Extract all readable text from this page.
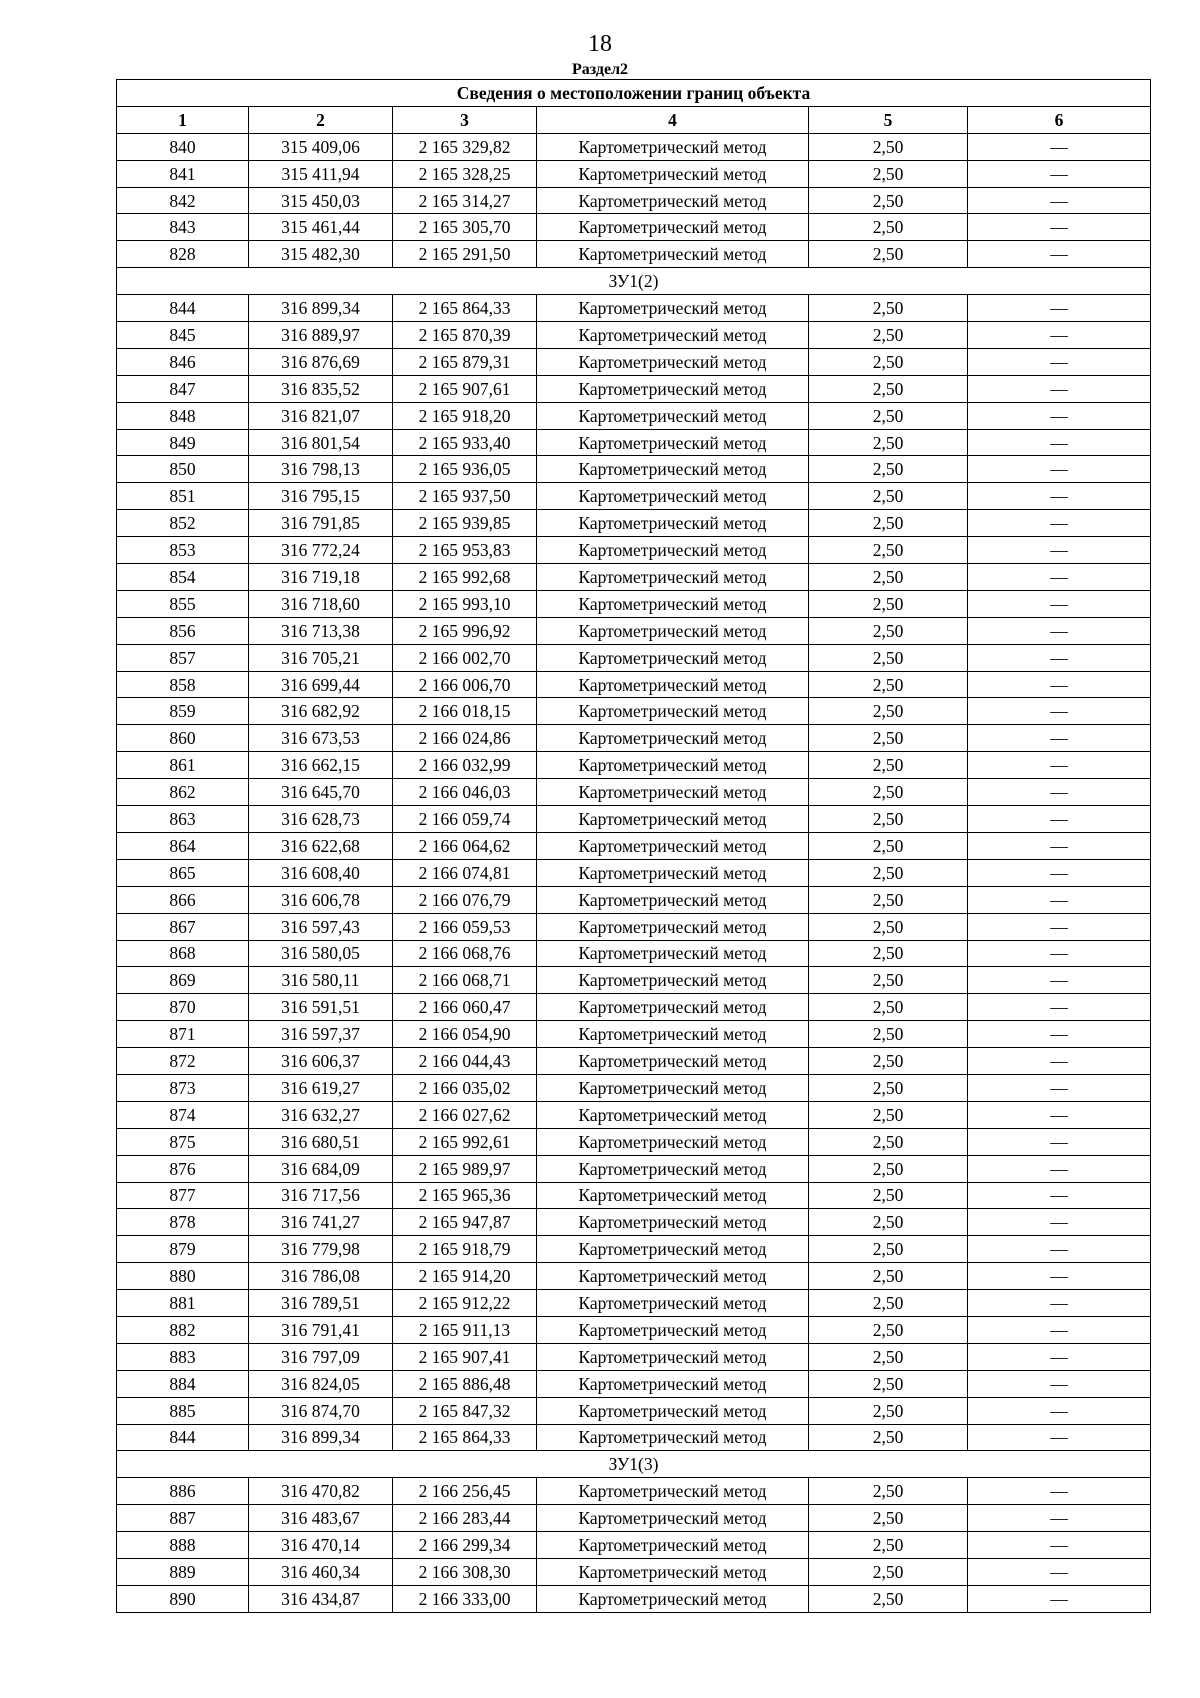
18
Раздел2
Сведения о местоположении границ объекта					
1	2	3	4	5	6
840	315 409,06	2 165 329,82	Картометрический метод	2,50	—
841	315 411,94	2 165 328,25	Картометрический метод	2,50	—
842	315 450,03	2 165 314,27	Картометрический метод	2,50	—
843	315 461,44	2 165 305,70	Картометрический метод	2,50	—
828	315 482,30	2 165 291,50	Картометрический метод	2,50	—
ЗУ1(2)					
844	316 899,34	2 165 864,33	Картометрический метод	2,50	—
845	316 889,97	2 165 870,39	Картометрический метод	2,50	—
846	316 876,69	2 165 879,31	Картометрический метод	2,50	—
847	316 835,52	2 165 907,61	Картометрический метод	2,50	—
848	316 821,07	2 165 918,20	Картометрический метод	2,50	—
849	316 801,54	2 165 933,40	Картометрический метод	2,50	—
850	316 798,13	2 165 936,05	Картометрический метод	2,50	—
851	316 795,15	2 165 937,50	Картометрический метод	2,50	—
852	316 791,85	2 165 939,85	Картометрический метод	2,50	—
853	316 772,24	2 165 953,83	Картометрический метод	2,50	—
854	316 719,18	2 165 992,68	Картометрический метод	2,50	—
855	316 718,60	2 165 993,10	Картометрический метод	2,50	—
856	316 713,38	2 165 996,92	Картометрический метод	2,50	—
857	316 705,21	2 166 002,70	Картометрический метод	2,50	—
858	316 699,44	2 166 006,70	Картометрический метод	2,50	—
859	316 682,92	2 166 018,15	Картометрический метод	2,50	—
860	316 673,53	2 166 024,86	Картометрический метод	2,50	—
861	316 662,15	2 166 032,99	Картометрический метод	2,50	—
862	316 645,70	2 166 046,03	Картометрический метод	2,50	—
863	316 628,73	2 166 059,74	Картометрический метод	2,50	—
864	316 622,68	2 166 064,62	Картометрический метод	2,50	—
865	316 608,40	2 166 074,81	Картометрический метод	2,50	—
866	316 606,78	2 166 076,79	Картометрический метод	2,50	—
867	316 597,43	2 166 059,53	Картометрический метод	2,50	—
868	316 580,05	2 166 068,76	Картометрический метод	2,50	—
869	316 580,11	2 166 068,71	Картометрический метод	2,50	—
870	316 591,51	2 166 060,47	Картометрический метод	2,50	—
871	316 597,37	2 166 054,90	Картометрический метод	2,50	—
872	316 606,37	2 166 044,43	Картометрический метод	2,50	—
873	316 619,27	2 166 035,02	Картометрический метод	2,50	—
874	316 632,27	2 166 027,62	Картометрический метод	2,50	—
875	316 680,51	2 165 992,61	Картометрический метод	2,50	—
876	316 684,09	2 165 989,97	Картометрический метод	2,50	—
877	316 717,56	2 165 965,36	Картометрический метод	2,50	—
878	316 741,27	2 165 947,87	Картометрический метод	2,50	—
879	316 779,98	2 165 918,79	Картометрический метод	2,50	—
880	316 786,08	2 165 914,20	Картометрический метод	2,50	—
881	316 789,51	2 165 912,22	Картометрический метод	2,50	—
882	316 791,41	2 165 911,13	Картометрический метод	2,50	—
883	316 797,09	2 165 907,41	Картометрический метод	2,50	—
884	316 824,05	2 165 886,48	Картометрический метод	2,50	—
885	316 874,70	2 165 847,32	Картометрический метод	2,50	—
844	316 899,34	2 165 864,33	Картометрический метод	2,50	—
ЗУ1(3)					
886	316 470,82	2 166 256,45	Картометрический метод	2,50	—
887	316 483,67	2 166 283,44	Картометрический метод	2,50	—
888	316 470,14	2 166 299,34	Картометрический метод	2,50	—
889	316 460,34	2 166 308,30	Картометрический метод	2,50	—
890	316 434,87	2 166 333,00	Картометрический метод	2,50	—
